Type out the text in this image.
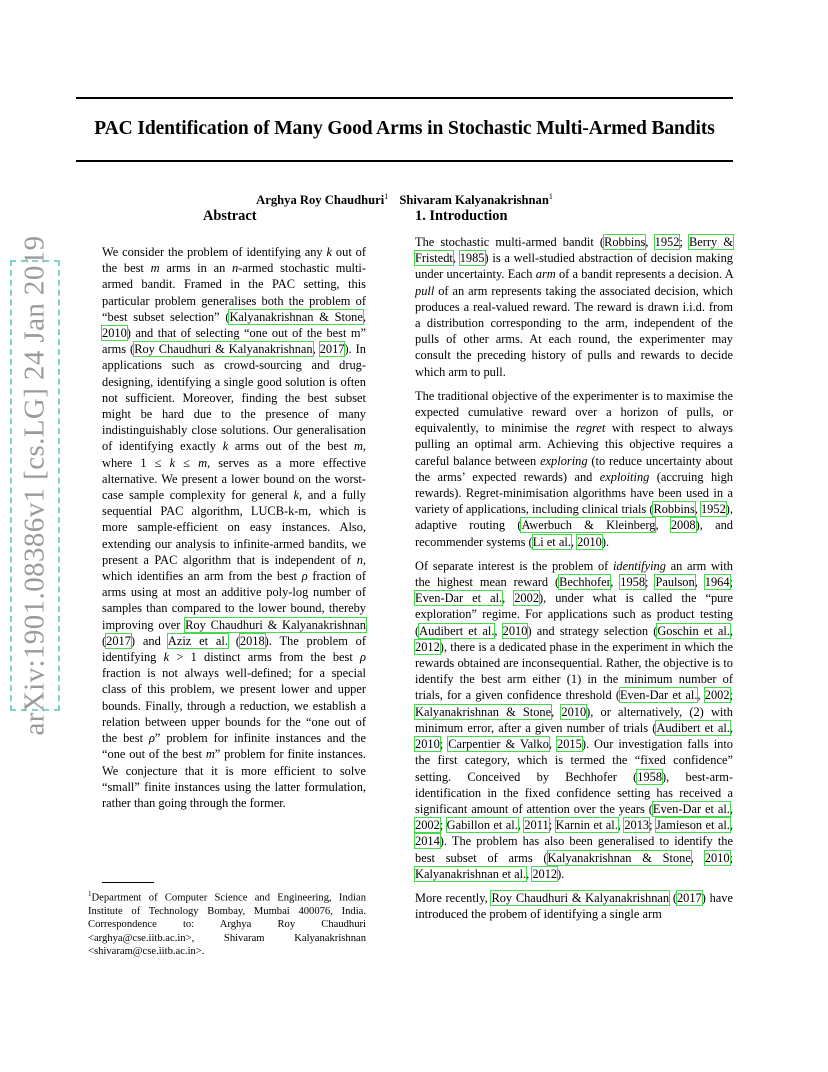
PAC Identification of Many Good Arms in Stochastic Multi-Armed Bandits
Arghya Roy Chaudhuri$^1$ Shivaram Kalyanakrishnan$^1$
arXiv:1901.08386v1 [cs.LG] 24 Jan 2019
Abstract	1. Introduction

We consider the problem of identifying any k out of the best m arms in an n-armed stochastic multi-armed bandit. Framed in the PAC setting, this particular problem generalises both the problem of “best subset selection” (Kalyanakrishnan & Stone, 2010) and that of selecting “one out of the best m” arms (Roy Chaudhuri & Kalyanakrishnan, 2017). In applications such as crowd-sourcing and drug-designing, identifying a single good solution is often not sufficient. Moreover, finding the best subset might be hard due to the presence of many indistinguishably close solutions. Our generalisation of identifying exactly k arms out of the best m, where 1 ≤ k ≤ m, serves as a more effective alternative. We present a lower bound on the worst-case sample complexity for general k, and a fully sequential PAC algorithm, LUCB-k-m, which is more sample-efficient on easy instances. Also, extending our analysis to infinite-armed bandits, we present a PAC algorithm that is independent of n, which identifies an arm from the best ρ fraction of arms using at most an additive poly-log number of samples than compared to the lower bound, thereby improving over Roy Chaudhuri & Kalyanakrishnan (2017) and Aziz et al. (2018). The problem of identifying k > 1 distinct arms from the best ρ fraction is not always well-defined; for a special class of this problem, we present lower and upper bounds. Finally, through a reduction, we establish a relation between upper bounds for the “one out of the best ρ” problem for infinite instances and the “one out of the best m” problem for finite instances. We conjecture that it is more efficient to solve “small” finite instances using the latter formulation, rather than going through the former.

The stochastic multi-armed bandit (Robbins, 1952; Berry & Fristedt, 1985) is a well-studied abstraction of decision making under uncertainty. Each arm of a bandit represents a decision. A pull of an arm represents taking the associated decision, which produces a real-valued reward. The reward is drawn i.i.d. from a distribution corresponding to the arm, independent of the pulls of other arms. At each round, the experimenter may consult the preceding history of pulls and rewards to decide which arm to pull.

The traditional objective of the experimenter is to maximise the expected cumulative reward over a horizon of pulls, or equivalently, to minimise the regret with respect to always pulling an optimal arm. Achieving this objective requires a careful balance between exploring (to reduce uncertainty about the arms’ expected rewards) and exploiting (accruing high rewards). Regret-minimisation algorithms have been used in a variety of applications, including clinical trials (Robbins, 1952), adaptive routing (Awerbuch & Kleinberg, 2008), and recommender systems (Li et al., 2010).

Of separate interest is the problem of identifying an arm with the highest mean reward (Bechhofer, 1958; Paulson, 1964; Even-Dar et al., 2002), under what is called the “pure exploration” regime. For applications such as product testing (Audibert et al., 2010) and strategy selection (Goschin et al., 2012), there is a dedicated phase in the experiment in which the rewards obtained are inconsequential. Rather, the objective is to identify the best arm either (1) in the minimum number of trials, for a given confidence threshold (Even-Dar et al., 2002; Kalyanakrishnan & Stone, 2010), or alternatively, (2) with minimum error, after a given number of trials (Audibert et al., 2010; Carpentier & Valko, 2015). Our investigation falls into the first category, which is termed the “fixed confidence” setting. Conceived by Bechhofer (1958), best-arm-identification in the fixed confidence setting has received a significant amount of attention over the years (Even-Dar et al., 2002; Gabillon et al., 2011; Karnin et al., 2013; Jamieson et al., 2014). The problem has also been generalised to identify the best subset of arms (Kalyanakrishnan & Stone, 2010; Kalyanakrishnan et al., 2012).

More recently, Roy Chaudhuri & Kalyanakrishnan (2017) have introduced the probem of identifying a single arm

$^1$Department of Computer Science and Engineering, Indian Institute of Technology Bombay, Mumbai 400076, India. Correspondence to: Arghya Roy Chaudhuri <arghya@cse.iitb.ac.in>, Shivaram Kalyanakrishnan <shivaram@cse.iitb.ac.in>.
